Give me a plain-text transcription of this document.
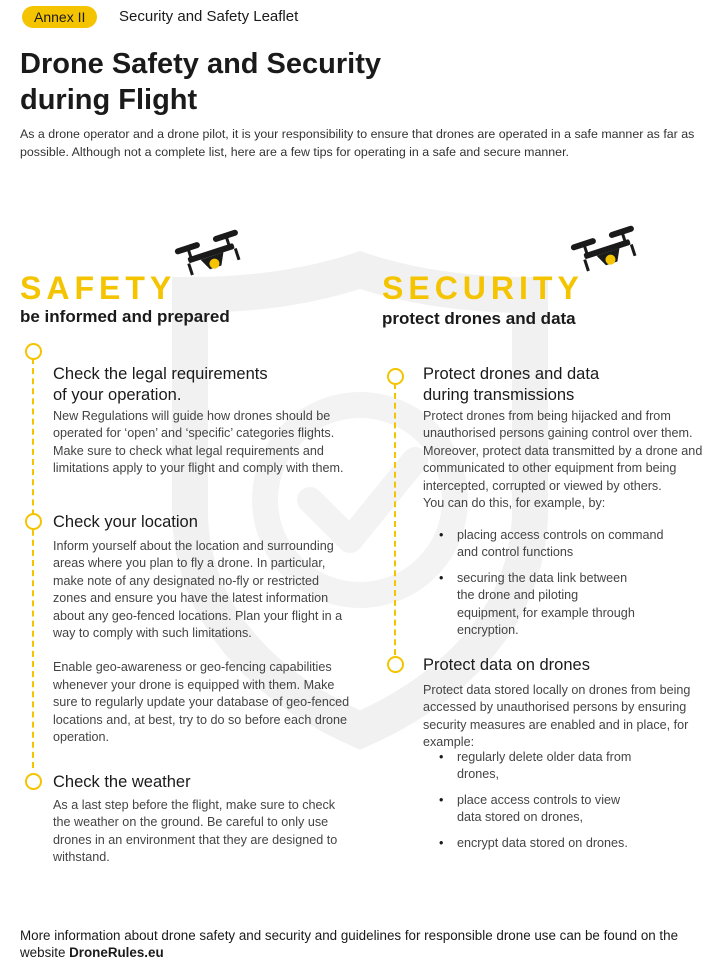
Annex II	Security and Safety Leaflet
Drone Safety and Security
during Flight
As a drone operator and a drone pilot, it is your responsibility to ensure that drones are operated in a safe manner as far as possible. Although not a complete list, here are a few tips for operating in a safe and secure manner.
SAFETY
be informed and prepared
SECURITY
protect drones and data
Check the legal requirements
of your operation.
New Regulations will guide how drones should be operated for ‘open’ and ‘specific’ categories flights. Make sure to check what legal requirements and limitations apply to your flight and comply with them.
Check your location

Inform yourself about the location and surrounding areas where you plan to fly a drone. In particular, make note of any designated no-fly or restricted zones and ensure you have the latest information about any geo-fenced locations. Plan your flight in a way to comply with such limitations.

Enable geo-awareness or geo-fencing capabilities whenever your drone is equipped with them. Make sure to regularly update your database of geo-fenced locations and, at best, try to do so before each drone operation.

Check the weather
As a last step before the flight, make sure to check the weather on the ground. Be careful to only use drones in an environment that they are designed to withstand.
Protect drones and data
during transmissions

Protect drones from being hijacked and from unauthorised persons gaining control over them. Moreover, protect data transmitted by a drone and communicated to other equipment from being intercepted, corrupted or viewed by others.

You can do this, for example, by:

• placing access controls on command and control functions
• securing the data link between the drone and piloting equipment, for example through encryption.
Protect data on drones
Protect data stored locally on drones from being accessed by unauthorised persons by ensuring security measures are enabled and in place, for example:
• regularly delete older data from drones,
• place access controls to view data stored on drones,
• encrypt data stored on drones.
More information about drone safety and security and guidelines for responsible drone use can be found on the website DroneRules.eu
